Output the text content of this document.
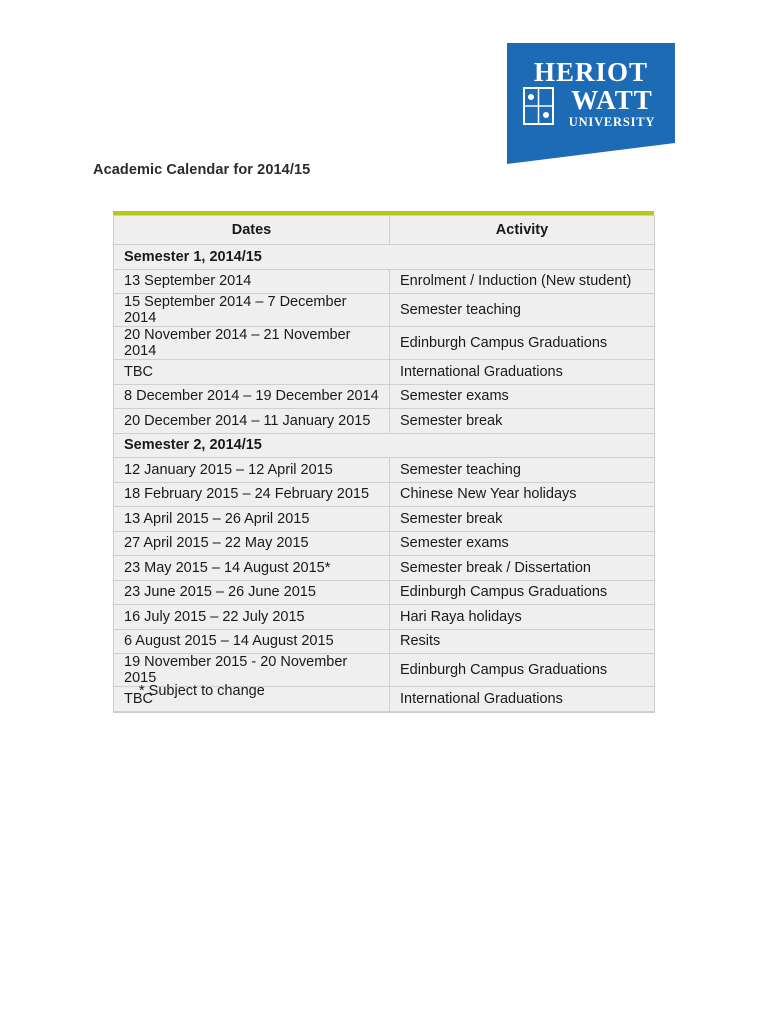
HERIOT
WATT
UNIVERSITY
Academic Calendar for 2014/15
Dates	Activity
Semester 1, 2014/15	
13 September 2014	Enrolment / Induction (New student)
15 September 2014 – 7 December 2014	Semester teaching
20 November 2014 – 21 November 2014	Edinburgh Campus Graduations
TBC	International Graduations
8 December 2014 – 19 December 2014	Semester exams
20 December 2014 – 11 January 2015	Semester break
Semester 2, 2014/15	
12 January 2015 – 12 April 2015	Semester teaching
18 February 2015 – 24 February 2015	Chinese New Year holidays
13 April 2015 – 26 April 2015	Semester break
27 April 2015 – 22 May 2015	Semester exams
23 May 2015 – 14 August 2015*	Semester break / Dissertation
23 June 2015 – 26 June 2015	Edinburgh Campus Graduations
16 July 2015 – 22 July 2015	Hari Raya holidays
6 August 2015 – 14 August 2015	Resits
19 November 2015 - 20 November 2015	Edinburgh Campus Graduations
TBC	International Graduations
* Subject to change
